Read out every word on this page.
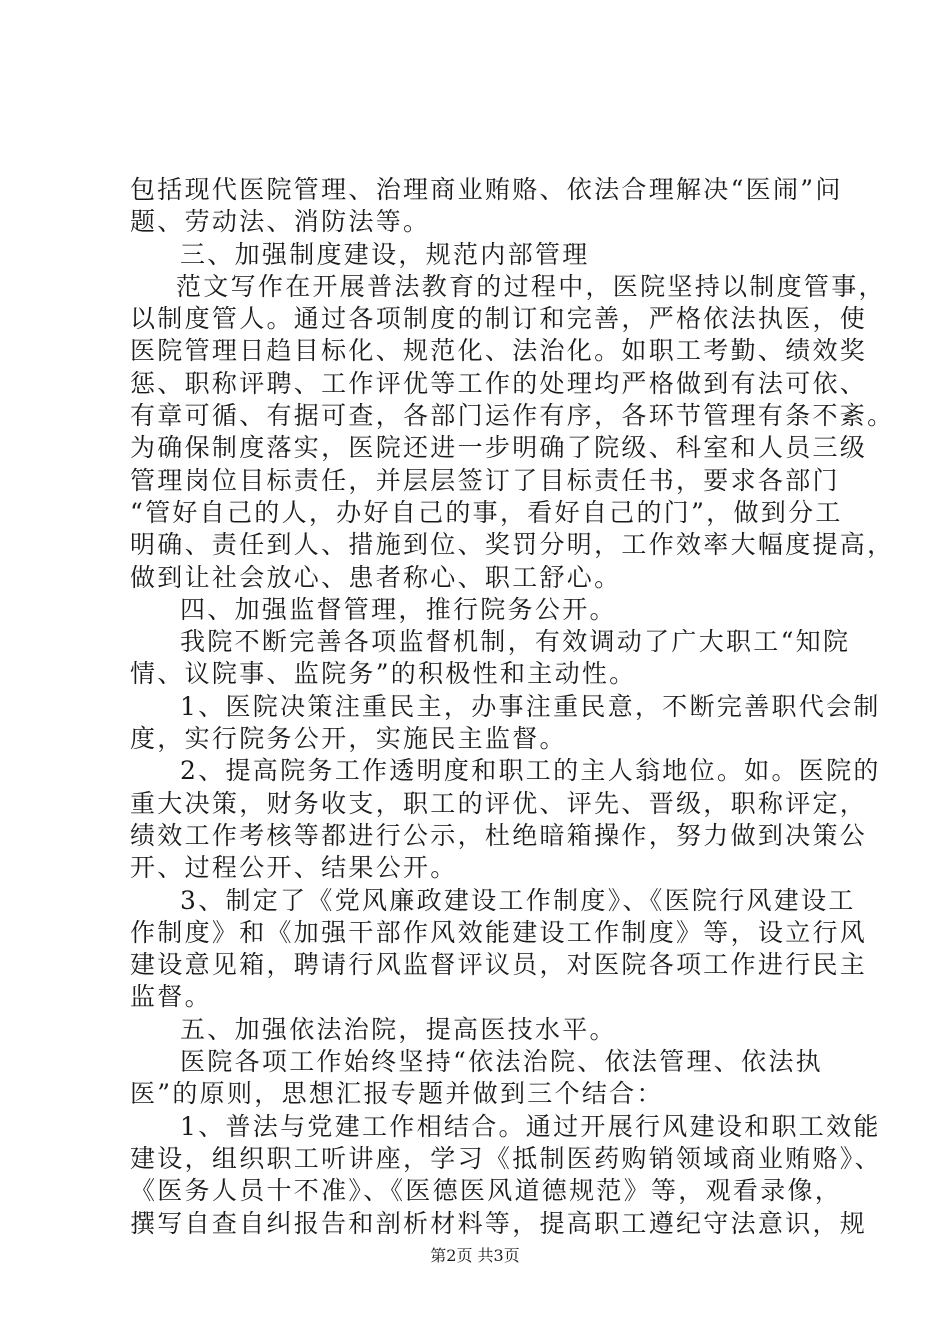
包括现代医院管理、治理商业贿赂、依法合理解决“医闹”问
题、劳动法、消防法等。
三、加强制度建设，规范内部管理
范文写作在开展普法教育的过程中，医院坚持以制度管事，
以制度管人。通过各项制度的制订和完善，严格依法执医，使
医院管理日趋目标化、规范化、法治化。如职工考勤、绩效奖
惩、职称评聘、工作评优等工作的处理均严格做到有法可依、
有章可循、有据可查，各部门运作有序，各环节管理有条不紊。
为确保制度落实，医院还进一步明确了院级、科室和人员三级
管理岗位目标责任，并层层签订了目标责任书，要求各部门
“管好自己的人，办好自己的事，看好自己的门”，做到分工
明确、责任到人、措施到位、奖罚分明，工作效率大幅度提高，
做到让社会放心、患者称心、职工舒心。
四、加强监督管理，推行院务公开。
我院不断完善各项监督机制，有效调动了广大职工“知院
情、议院事、监院务”的积极性和主动性。
1、医院决策注重民主，办事注重民意，不断完善职代会制
度，实行院务公开，实施民主监督。
2、提高院务工作透明度和职工的主人翁地位。如。医院的
重大决策，财务收支，职工的评优、评先、晋级，职称评定，
绩效工作考核等都进行公示，杜绝暗箱操作，努力做到决策公
开、过程公开、结果公开。
3、制定了《党风廉政建设工作制度》、《医院行风建设工
作制度》和《加强干部作风效能建设工作制度》等，设立行风
建设意见箱，聘请行风监督评议员，对医院各项工作进行民主
监督。
五、加强依法治院，提高医技水平。
医院各项工作始终坚持“依法治院、依法管理、依法执
医”的原则，思想汇报专题并做到三个结合：
1、普法与党建工作相结合。通过开展行风建设和职工效能
建设，组织职工听讲座，学习《抵制医药购销领域商业贿赂》、
《医务人员十不准》、《医德医风道德规范》等，观看录像，
撰写自查自纠报告和剖析材料等，提高职工遵纪守法意识，规
第2页 共3页
